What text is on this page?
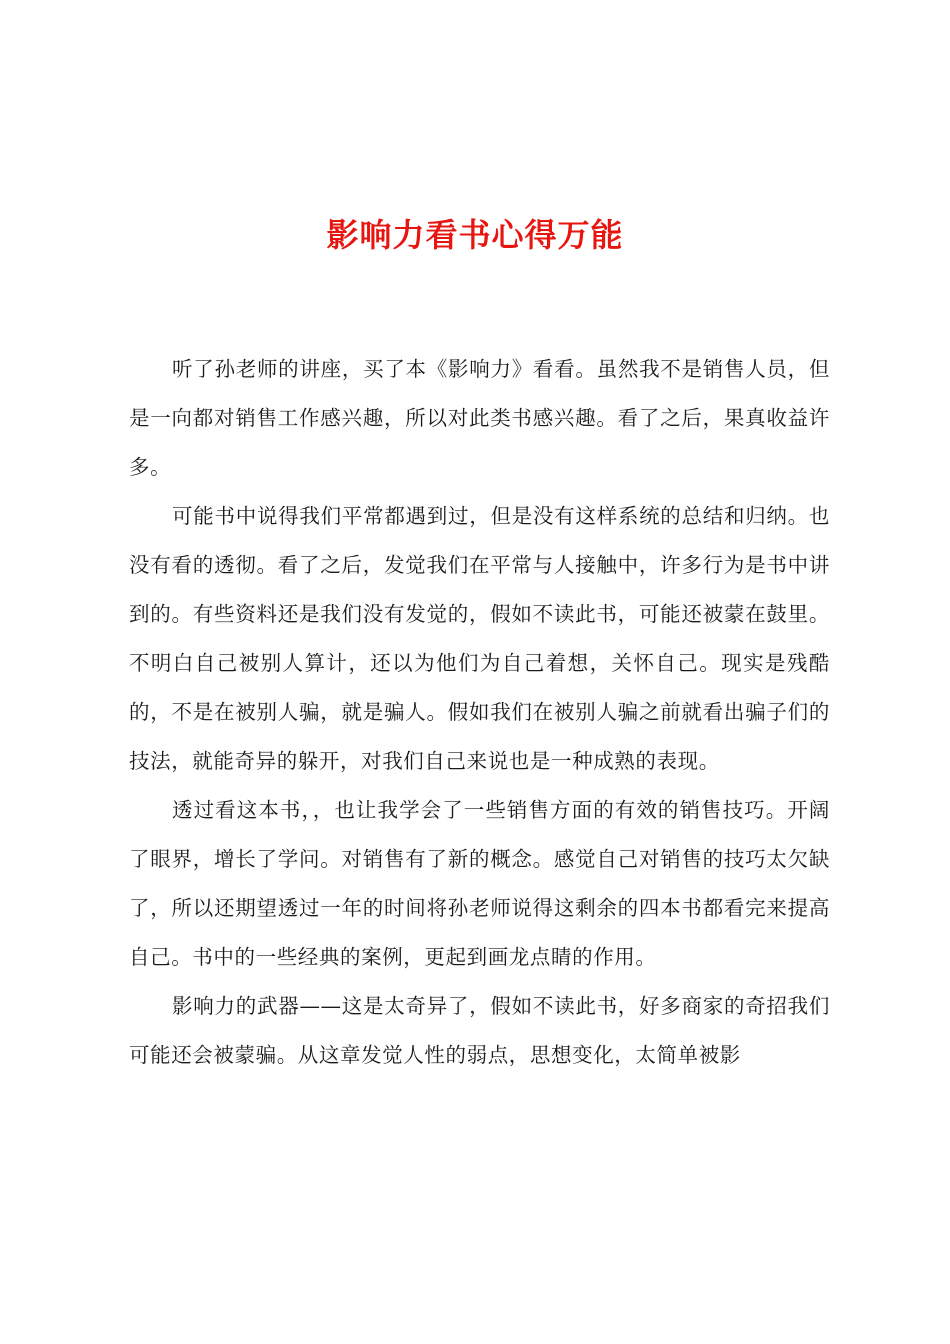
影响力看书心得万能

听了孙老师的讲座，买了本《影响力》看看。虽然我不是销售人员，但是一向都对销售工作感兴趣，所以对此类书感兴趣。看了之后，果真收益许多。

可能书中说得我们平常都遇到过，但是没有这样系统的总结和归纳。也没有看的透彻。看了之后，发觉我们在平常与人接触中，许多行为是书中讲到的。有些资料还是我们没有发觉的，假如不读此书，可能还被蒙在鼓里。不明白自己被别人算计，还以为他们为自己着想，关怀自己。现实是残酷的，不是在被别人骗，就是骗人。假如我们在被别人骗之前就看出骗子们的技法，就能奇异的躲开，对我们自己来说也是一种成熟的表现。

透过看这本书，，也让我学会了一些销售方面的有效的销售技巧。开阔了眼界，增长了学问。对销售有了新的概念。感觉自己对销售的技巧太欠缺了，所以还期望透过一年的时间将孙老师说得这剩余的四本书都看完来提高自己。书中的一些经典的案例，更起到画龙点睛的作用。

影响力的武器——这是太奇异了，假如不读此书，好多商家的奇招我们可能还会被蒙骗。从这章发觉人性的弱点，思想变化，太简单被影
